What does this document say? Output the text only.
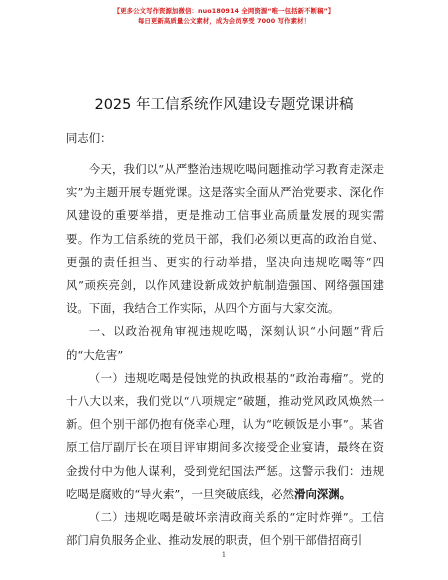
【更多公文写作资源加微信：nuo180914 全网资源“唯一包括新不断稿”】
每日更新高质量公文素材，成为会员享受 7000 写作素材！
2025 年工信系统作风建设专题党课讲稿
同志们：

今天，我们以“从严整治违规吃喝问题推动学习教育走深走实”为主题开展专题党课。这是落实全面从严治党要求、深化作风建设的重要举措，更是推动工信事业高质量发展的现实需要。作为工信系统的党员干部，我们必须以更高的政治自觉、更强的责任担当、更实的行动举措，坚决向违规吃喝等“四风”顽疾亮剑，以作风建设新成效护航制造强国、网络强国建设。下面，我结合工作实际，从四个方面与大家交流。

一、以政治视角审视违规吃喝，深刻认识“小问题”背后的“大危害”

（一）违规吃喝是侵蚀党的执政根基的“政治毒瘤”。党的十八大以来，我们党以“八项规定”破题，推动党风政风焕然一新。但个别干部仍抱有侥幸心理，认为“吃顿饭是小事”。某省原工信厅副厅长在项目评审期间多次接受企业宴请，最终在资金拨付中为他人谋利，受到党纪国法严惩。这警示我们：违规吃喝是腐败的“导火索”，一旦突破底线，必然滑向深渊。

（二）违规吃喝是破坏亲清政商关系的“定时炸弹”。工信部门肩负服务企业、推动发展的职责，但个别干部借招商引

1
